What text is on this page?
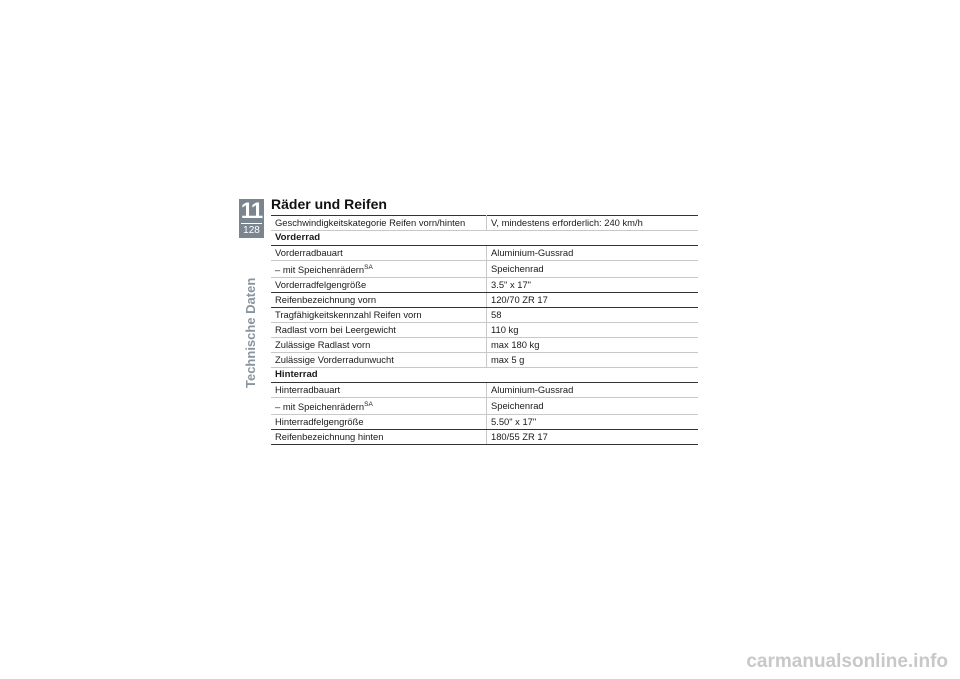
11
128
Technische Daten
Räder und Reifen
Geschwindigkeitskategorie Reifen vorn/hinten	V, mindestens erforderlich: 240 km/h
Vorderrad	
Vorderradbauart	Aluminium-Gussrad
– mit Speichenrädern$^{SA}$	Speichenrad
Vorderradfelgengröße	3.5" x 17"
Reifenbezeichnung vorn	120/70 ZR 17
Tragfähigkeitskennzahl Reifen vorn	58
Radlast vorn bei Leergewicht	110 kg
Zulässige Radlast vorn	max 180 kg
Zulässige Vorderradunwucht	max 5 g
Hinterrad	
Hinterradbauart	Aluminium-Gussrad
– mit Speichenrädern$^{SA}$	Speichenrad
Hinterradfelgengröße	5.50" x 17"
Reifenbezeichnung hinten	180/55 ZR 17
carmanualsonline.info
